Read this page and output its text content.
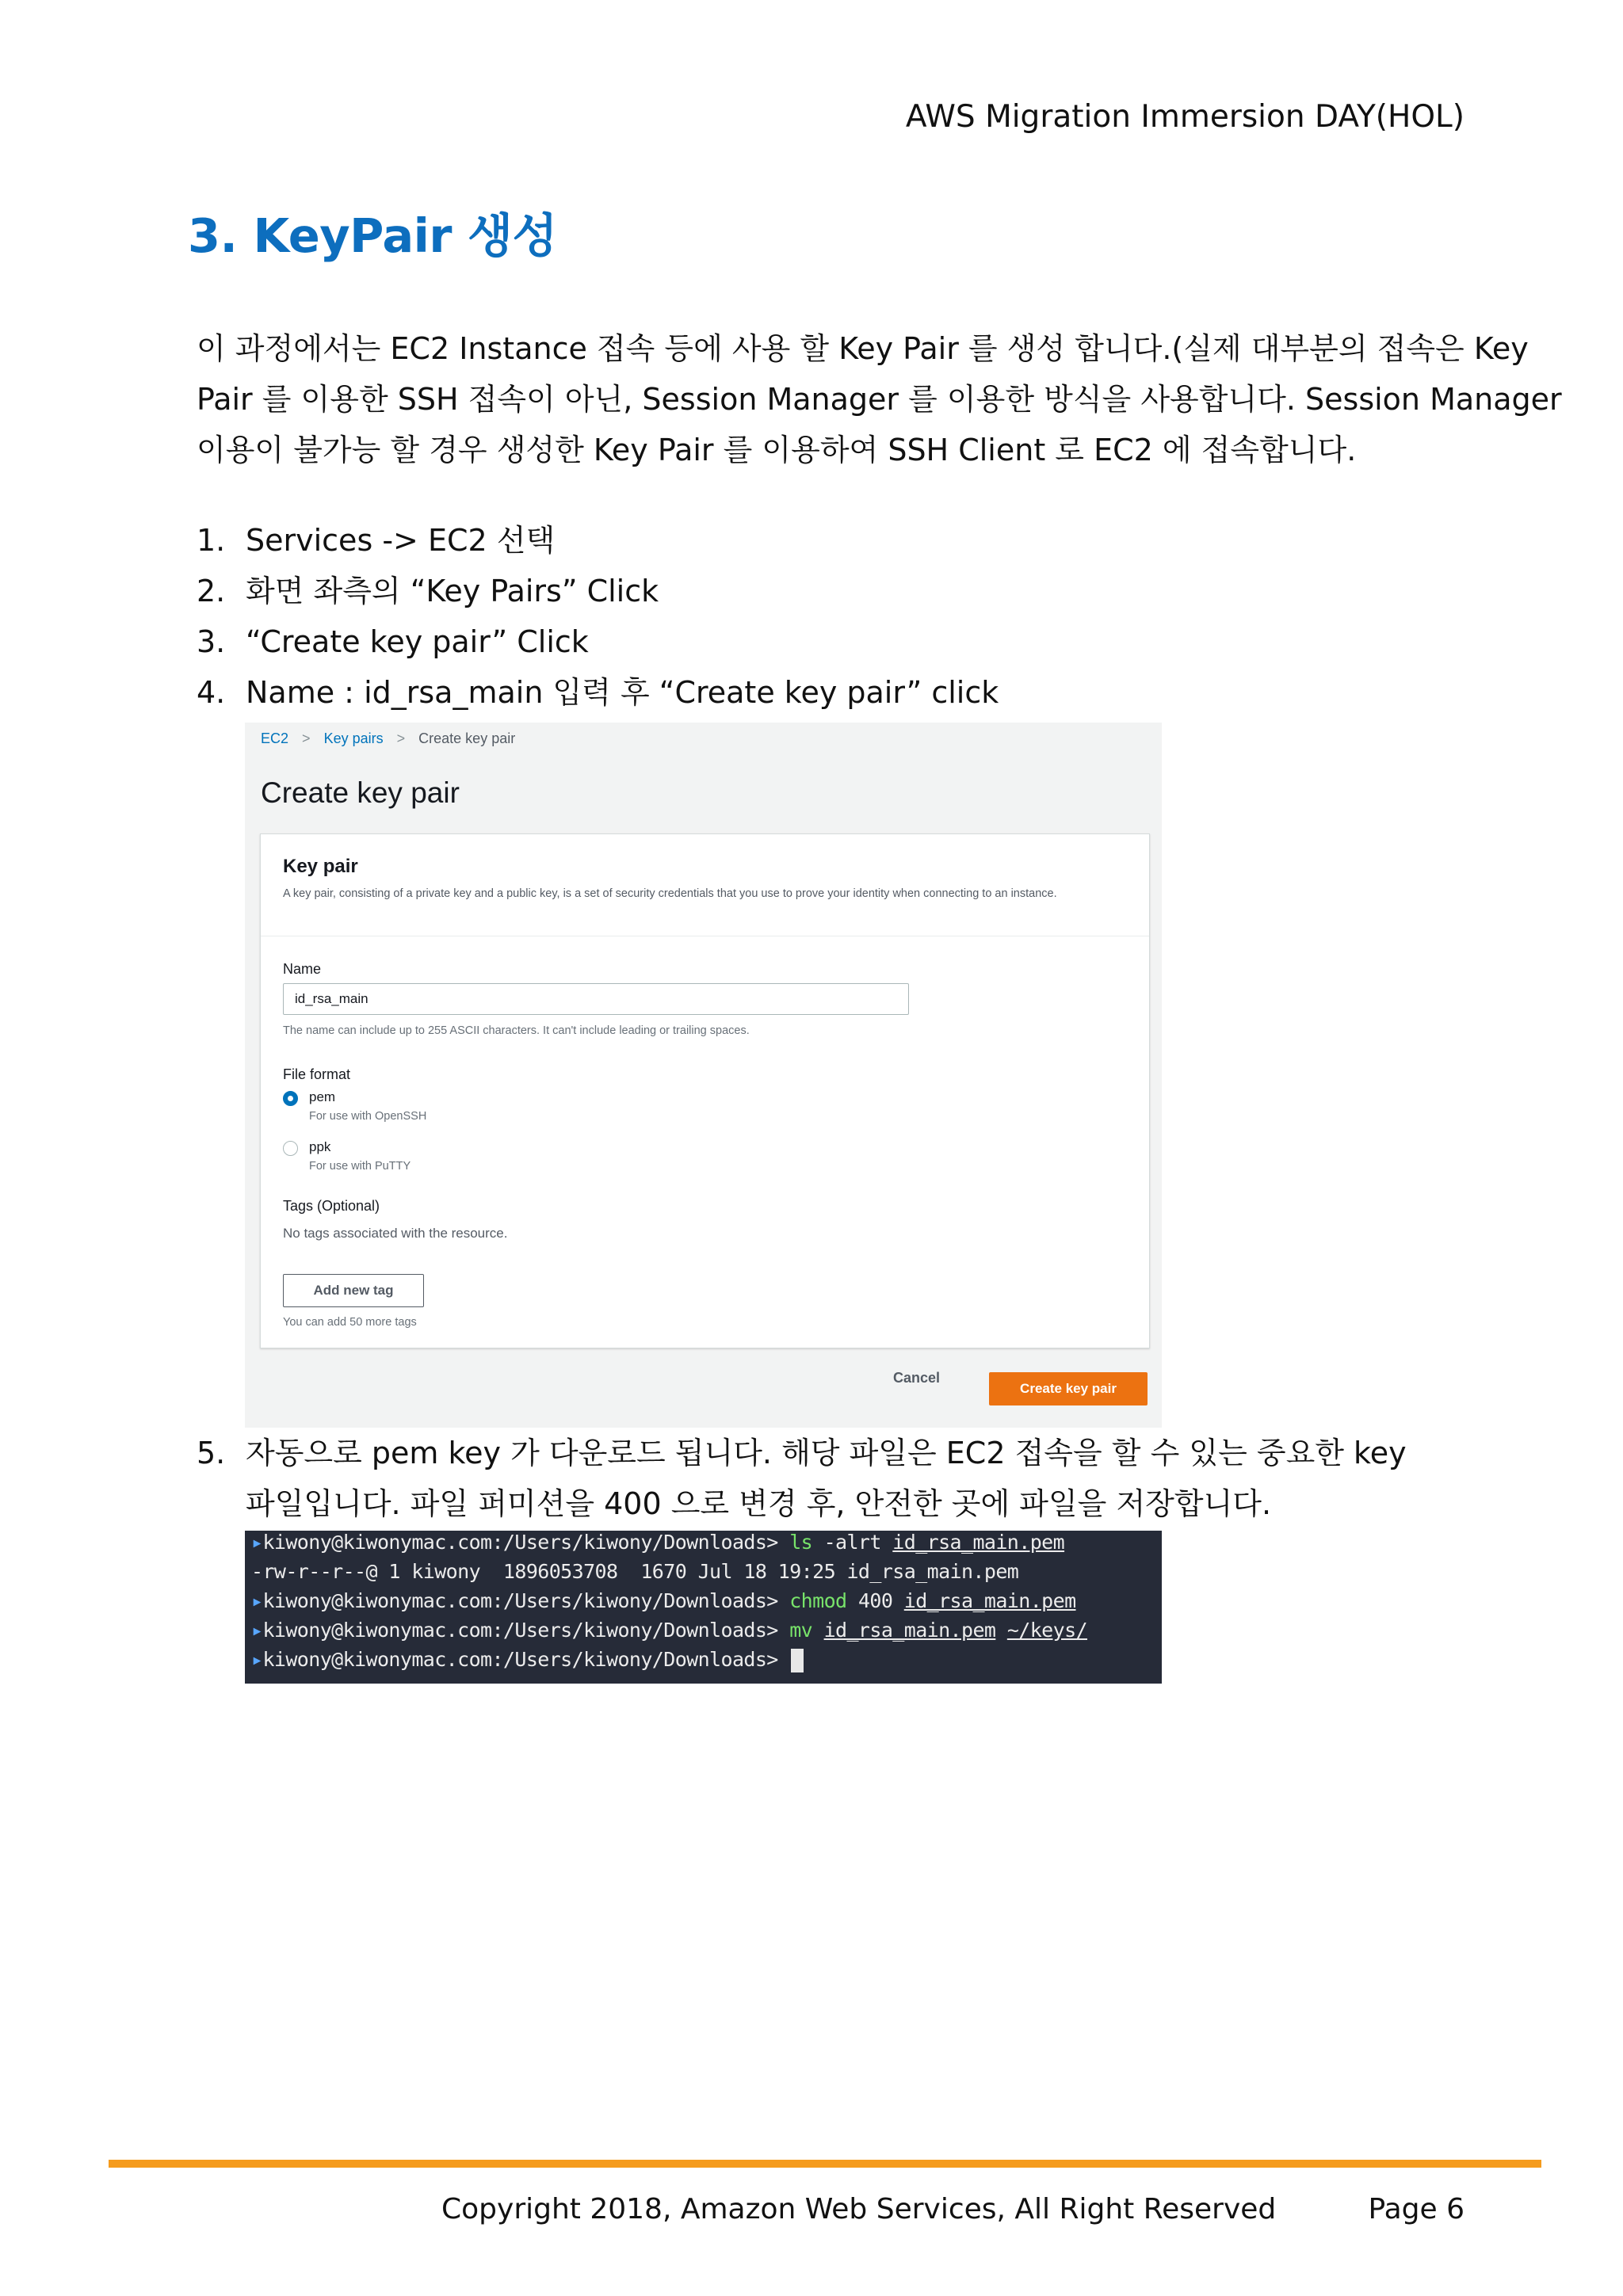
AWS Migration Immersion DAY(HOL)
3. KeyPair 생성

이 과정에서는 EC2 Instance 접속 등에 사용 할 Key Pair 를 생성 합니다.(실제 대부분의 접속은 Key

Pair 를 이용한 SSH 접속이 아닌, Session Manager 를 이용한 방식을 사용합니다. Session Manager

이용이 불가능 할 경우 생성한 Key Pair 를 이용하여 SSH Client 로 EC2 에 접속합니다.

1. Services -> EC2 선택
2. 화면 좌측의 “Key Pairs” Click
3. “Create key pair” Click
4. Name : id_rsa_main 입력 후 “Create key pair” click
EC2 > Key pairs > Create key pair
Create key pair
Key pair
A key pair, consisting of a private key and a public key, is a set of security credentials that you use to prove your identity when connecting to an instance.
Name
id_rsa_main
The name can include up to 255 ASCII characters. It can't include leading or trailing spaces.
File format
pem
For use with OpenSSH
ppk
For use with PuTTY
Tags (Optional)
No tags associated with the resource.
Add new tag
You can add 50 more tags
Cancel
Create key pair
5. 자동으로 pem key 가 다운로드 됩니다. 해당 파일은 EC2 접속을 할 수 있는 중요한 key
파일입니다. 파일 퍼미션을 400 으로 변경 후, 안전한 곳에 파일을 저장합니다.
▸kiwony@kiwonymac.com:/Users/kiwony/Downloads> ls -alrt id_rsa_main.pem
-rw-r--r--@ 1 kiwony  1896053708  1670 Jul 18 19:25 id_rsa_main.pem
▸kiwony@kiwonymac.com:/Users/kiwony/Downloads> chmod 400 id_rsa_main.pem
▸kiwony@kiwonymac.com:/Users/kiwony/Downloads> mv id_rsa_main.pem ~/keys/
▸kiwony@kiwonymac.com:/Users/kiwony/Downloads>
Copyright 2018, Amazon Web Services, All Right Reserved	Page 6
